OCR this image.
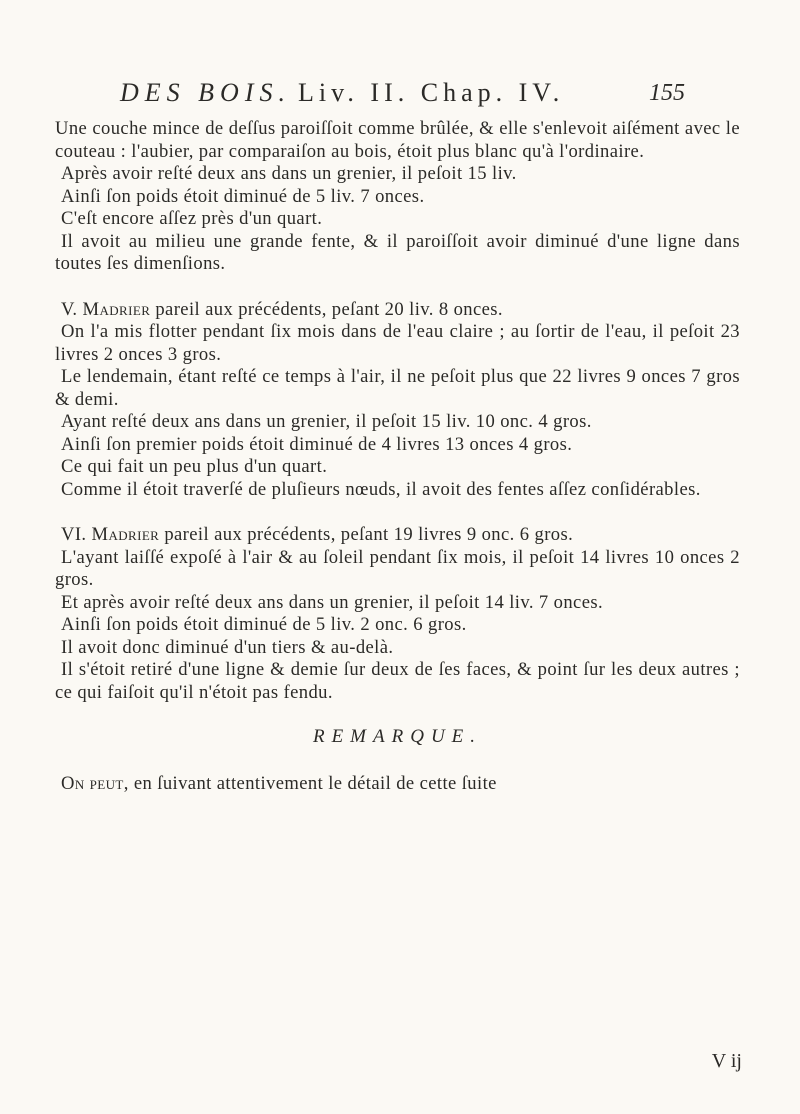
DES BOIS. Liv. II. Chap. IV.	155

Une couche mince de deſſus paroiſſoit comme brûlée, & elle s'enlevoit aiſément avec le couteau : l'aubier, par comparaiſon au bois, étoit plus blanc qu'à l'ordinaire.

Après avoir reſté deux ans dans un grenier, il peſoit 15 liv.

Ainſi ſon poids étoit diminué de 5 liv. 7 onces.

C'eſt encore aſſez près d'un quart.

Il avoit au milieu une grande fente, & il paroiſſoit avoir diminué d'une ligne dans toutes ſes dimenſions.

V. Madrier pareil aux précédents, peſant 20 liv. 8 onces.

On l'a mis flotter pendant ſix mois dans de l'eau claire ; au ſortir de l'eau, il peſoit 23 livres 2 onces 3 gros.

Le lendemain, étant reſté ce temps à l'air, il ne peſoit plus que 22 livres 9 onces 7 gros & demi.

Ayant reſté deux ans dans un grenier, il peſoit 15 liv. 10 onc. 4 gros.

Ainſi ſon premier poids étoit diminué de 4 livres 13 onces 4 gros.

Ce qui fait un peu plus d'un quart.

Comme il étoit traverſé de pluſieurs nœuds, il avoit des fentes aſſez conſidérables.

VI. Madrier pareil aux précédents, peſant 19 livres 9 onc. 6 gros.

L'ayant laiſſé expoſé à l'air & au ſoleil pendant ſix mois, il peſoit 14 livres 10 onces 2 gros.

Et après avoir reſté deux ans dans un grenier, il peſoit 14 liv. 7 onces.

Ainſi ſon poids étoit diminué de 5 liv. 2 onc. 6 gros.

Il avoit donc diminué d'un tiers & au-delà.

Il s'étoit retiré d'une ligne & demie ſur deux de ſes faces, & point ſur les deux autres ; ce qui faiſoit qu'il n'étoit pas fendu.

REMARQUE.

On peut, en ſuivant attentivement le détail de cette ſuite

V ij
